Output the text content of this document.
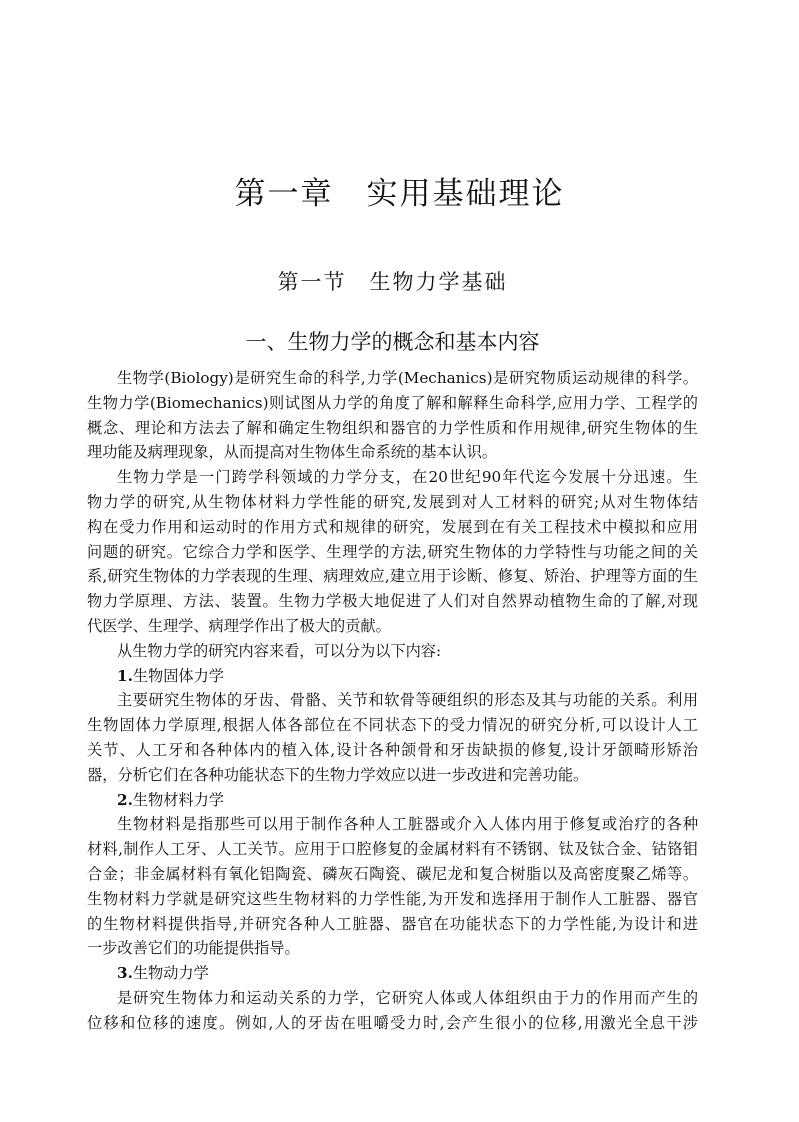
第一章　实用基础理论
第一节　生物力学基础
一、生物力学的概念和基本内容
生物学(Biology)是研究生命的科学,力学(Mechanics)是研究物质运动规律的科学。
生物力学(Biomechanics)则试图从力学的角度了解和解释生命科学,应用力学、工程学的
概念、理论和方法去了解和确定生物组织和器官的力学性质和作用规律,研究生物体的生
理功能及病理现象，从而提高对生物体生命系统的基本认识。
生物力学是一门跨学科领域的力学分支，在20世纪90年代迄今发展十分迅速。生
物力学的研究,从生物体材料力学性能的研究,发展到对人工材料的研究;从对生物体结
构在受力作用和运动时的作用方式和规律的研究，发展到在有关工程技术中模拟和应用
问题的研究。它综合力学和医学、生理学的方法,研究生物体的力学特性与功能之间的关
系,研究生物体的力学表现的生理、病理效应,建立用于诊断、修复、矫治、护理等方面的生
物力学原理、方法、装置。生物力学极大地促进了人们对自然界动植物生命的了解,对现
代医学、生理学、病理学作出了极大的贡献。
从生物力学的研究内容来看，可以分为以下内容:
1.生物固体力学
主要研究生物体的牙齿、骨骼、关节和软骨等硬组织的形态及其与功能的关系。利用
生物固体力学原理,根据人体各部位在不同状态下的受力情况的研究分析,可以设计人工
关节、人工牙和各种体内的植入体,设计各种颌骨和牙齿缺损的修复,设计牙颌畸形矫治
器，分析它们在各种功能状态下的生物力学效应以进一步改进和完善功能。
2.生物材料力学
生物材料是指那些可以用于制作各种人工脏器或介入人体内用于修复或治疗的各种
材料,制作人工牙、人工关节。应用于口腔修复的金属材料有不锈钢、钛及钛合金、钴铬钼
合金；非金属材料有氧化铝陶瓷、磷灰石陶瓷、碳尼龙和复合树脂以及高密度聚乙烯等。
生物材料力学就是研究这些生物材料的力学性能,为开发和选择用于制作人工脏器、器官
的生物材料提供指导,并研究各种人工脏器、器官在功能状态下的力学性能,为设计和进
一步改善它们的功能提供指导。
3.生物动力学
是研究生物体力和运动关系的力学，它研究人体或人体组织由于力的作用而产生的
位移和位移的速度。例如,人的牙齿在咀嚼受力时,会产生很小的位移,用激光全息干涉
